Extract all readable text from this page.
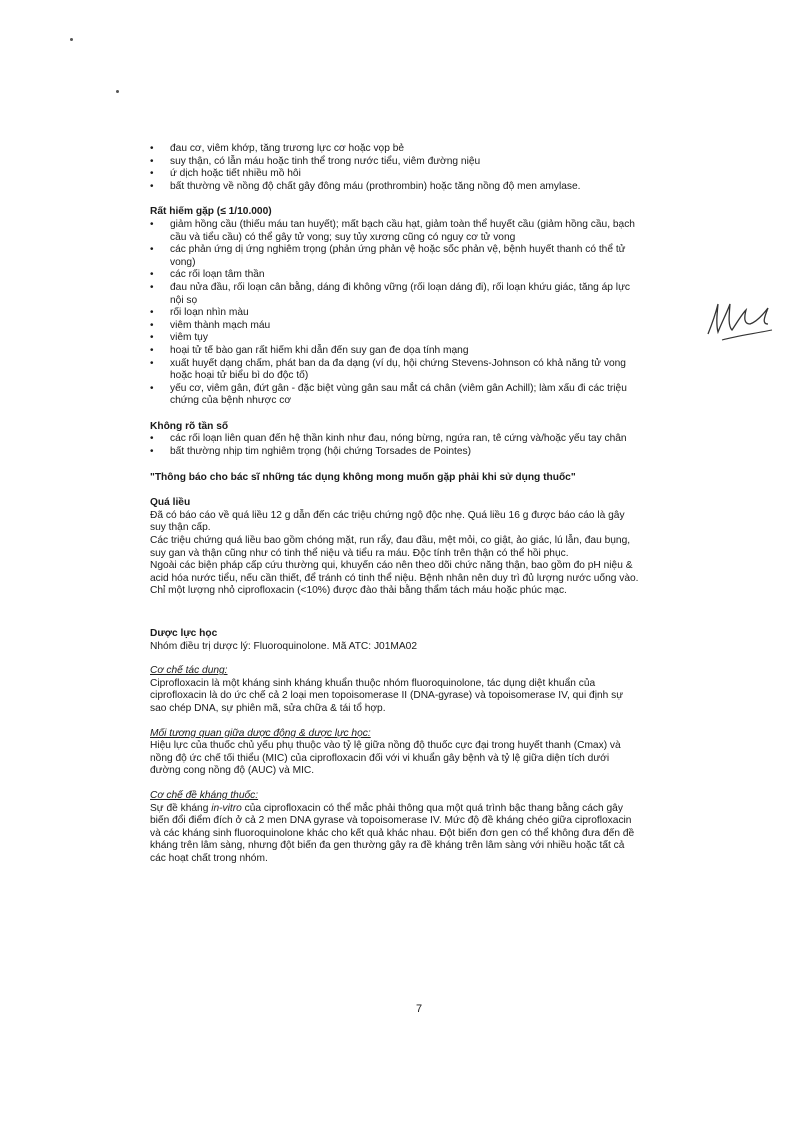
• đau cơ, viêm khớp, tăng trương lực cơ hoặc vọp bẻ
• suy thận, có lẫn máu hoặc tinh thể trong nước tiểu, viêm đường niệu
• ứ dịch hoặc tiết nhiều mồ hôi
• bất thường về nồng độ chất gây đông máu (prothrombin) hoặc tăng nồng độ men amylase.
Rất hiếm gặp (≤ 1/10.000)
• giảm hồng cầu (thiếu máu tan huyết); mất bạch cầu hạt, giảm toàn thể huyết cầu (giảm hồng cầu, bạch cầu và tiểu cầu) có thể gây tử vong; suy tủy xương cũng có nguy cơ tử vong
• các phản ứng dị ứng nghiêm trọng (phản ứng phản vệ hoặc sốc phản vệ, bệnh huyết thanh có thể tử vong)
• các rối loạn tâm thần
• đau nửa đầu, rối loạn cân bằng, dáng đi không vững (rối loạn dáng đi), rối loạn khứu giác, tăng áp lực nội sọ
• rối loạn nhìn màu
• viêm thành mạch máu
• viêm tụy
• hoại tử tế bào gan rất hiếm khi dẫn đến suy gan đe dọa tính mạng
• xuất huyết dạng chấm, phát ban da đa dạng (ví dụ, hội chứng Stevens-Johnson có khả năng tử vong hoặc hoại tử biểu bì do độc tố)
• yếu cơ, viêm gân, đứt gân - đặc biệt vùng gân sau mắt cá chân (viêm gân Achill); làm xấu đi các triệu chứng của bệnh nhược cơ
Không rõ tần số
• các rối loạn liên quan đến hệ thần kinh như đau, nóng bừng, ngứa ran, tê cứng và/hoặc yếu tay chân
• bất thường nhịp tim nghiêm trọng (hội chứng Torsades de Pointes)
"Thông báo cho bác sĩ những tác dụng không mong muốn gặp phải khi sử dụng thuốc"
Quá liều

Đã có báo cáo về quá liều 12 g dẫn đến các triệu chứng ngộ độc nhẹ. Quá liều 16 g được báo cáo là gây suy thận cấp.

Các triệu chứng quá liều bao gồm chóng mặt, run rẩy, đau đầu, mệt mỏi, co giật, ảo giác, lú lẫn, đau bụng, suy gan và thận cũng như có tinh thể niệu và tiểu ra máu. Độc tính trên thận có thể hồi phục.

Ngoài các biện pháp cấp cứu thường qui, khuyến cáo nên theo dõi chức năng thận, bao gồm đo pH niệu & acid hóa nước tiểu, nếu cần thiết, để tránh có tinh thể niệu. Bệnh nhân nên duy trì đủ lượng nước uống vào.

Chỉ một lượng nhỏ ciprofloxacin (<10%) được đào thải bằng thẩm tách máu hoặc phúc mạc.

Dược lực học

Nhóm điều trị dược lý: Fluoroquinolone. Mã ATC: J01MA02

Cơ chế tác dụng:

Ciprofloxacin là một kháng sinh kháng khuẩn thuộc nhóm fluoroquinolone, tác dụng diệt khuẩn của ciprofloxacin là do ức chế cả 2 loại men topoisomerase II (DNA-gyrase) và topoisomerase IV, qui định sự sao chép DNA, sự phiên mã, sửa chữa & tái tổ hợp.

Mối tương quan giữa dược động & dược lực học:

Hiệu lực của thuốc chủ yếu phụ thuộc vào tỷ lệ giữa nồng độ thuốc cực đại trong huyết thanh (Cmax) và nồng độ ức chế tối thiểu (MIC) của ciprofloxacin đối với vi khuẩn gây bệnh và tỷ lệ giữa diện tích dưới đường cong nồng độ (AUC) và MIC.

Cơ chế đề kháng thuốc:

Sự đề kháng in-vitro của ciprofloxacin có thể mắc phải thông qua một quá trình bậc thang bằng cách gây biến đổi điểm đích ở cả 2 men DNA gyrase và topoisomerase IV. Mức độ đề kháng chéo giữa ciprofloxacin và các kháng sinh fluoroquinolone khác cho kết quả khác nhau. Đột biến đơn gen có thể không đưa đến đề kháng trên lâm sàng, nhưng đột biến đa gen thường gây ra đề kháng trên lâm sàng với nhiều hoặc tất cả các hoạt chất trong nhóm.

7
